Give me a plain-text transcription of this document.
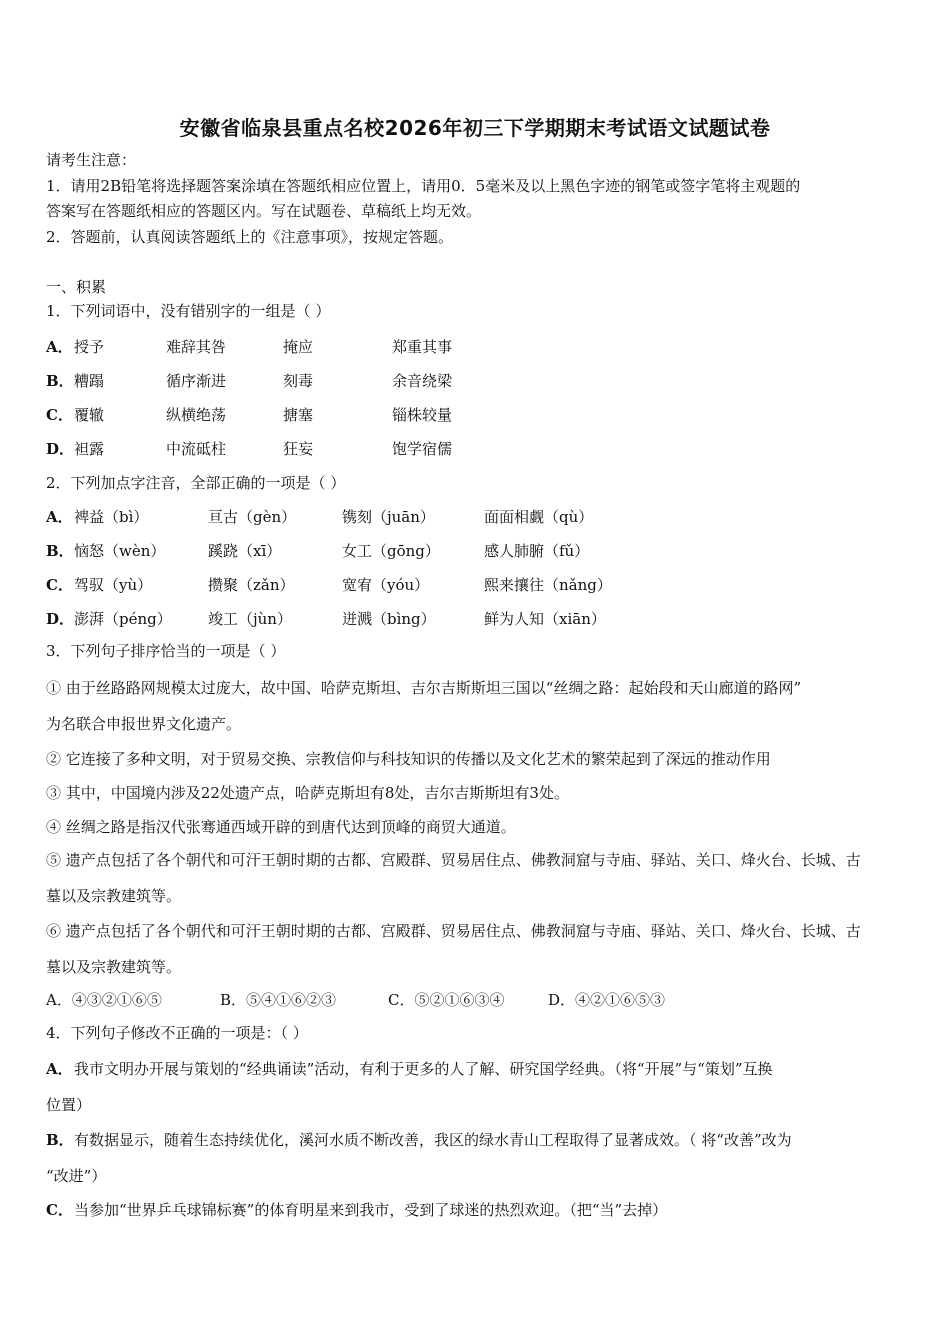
安徽省临泉县重点名校2026年初三下学期期末考试语文试题试卷
请考生注意：
1．请用2B铅笔将选择题答案涂填在答题纸相应位置上，请用0．5毫米及以上黑色字迹的钢笔或签字笔将主观题的
答案写在答题纸相应的答题区内。写在试题卷、草稿纸上均无效。
2．答题前，认真阅读答题纸上的《注意事项》，按规定答题。
一、积累
1．下列词语中，没有错别字的一组是（ ）
A． 授予	难辞其咎	掩应	郑重其事
B． 糟蹋	循序渐进	刻毒	余音绕梁
C． 覆辙	纵横绝荡	搪塞	锱株较量
D． 袒露	中流砥柱	狂妄	饱学宿儒
2．下列加点字注音，全部正确的一项是（ ）
A． 裨益（bì）	亘古（gèn）	镌刻（juān）	面面相觑（qù）
B． 恼怒（wèn）	蹊跷（xī）	女工（gōng）	感人肺腑（fǔ）
C． 驾驭（yù）	攒聚（zǎn）	宽宥（yóu）	熙来攘往（nǎng）
D． 澎湃（péng） 竣工（jùn）	迸溅（bìng）	鲜为人知（xiān）
3．下列句子排序恰当的一项是（ ）
① 由于丝路路网规模太过庞大，故中国、哈萨克斯坦、吉尔吉斯斯坦三国以“丝绸之路：起始段和天山廊道的路网”
为名联合申报世界文化遗产。
② 它连接了多种文明，对于贸易交换、宗教信仰与科技知识的传播以及文化艺术的繁荣起到了深远的推动作用
③ 其中，中国境内涉及22处遗产点，哈萨克斯坦有8处，吉尔吉斯斯坦有3处。
④ 丝绸之路是指汉代张骞通西域开辟的到唐代达到顶峰的商贸大通道。
⑤ 遗产点包括了各个朝代和可汗王朝时期的古都、宫殿群、贸易居住点、佛教洞窟与寺庙、驿站、关口、烽火台、长城、古
墓以及宗教建筑等。
⑥ 遗产点包括了各个朝代和可汗王朝时期的古都、宫殿群、贸易居住点、佛教洞窟与寺庙、驿站、关口、烽火台、长城、古
墓以及宗教建筑等。
A．④③②①⑥⑤	B．⑤④①⑥②③	C．⑤②①⑥③④	D．④②①⑥⑤③
4．下列句子修改不正确的一项是：（ ）
A． 我市文明办开展与策划的“经典诵读”活动，有利于更多的人了解、研究国学经典。（将“开展”与“策划”互换
位置）
B． 有数据显示，随着生态持续优化，溪河水质不断改善，我区的绿水青山工程取得了显著成效。（ 将“改善”改为
“改进”）
C． 当参加“世界乒乓球锦标赛”的体育明星来到我市，受到了球迷的热烈欢迎。（把“当”去掉）
